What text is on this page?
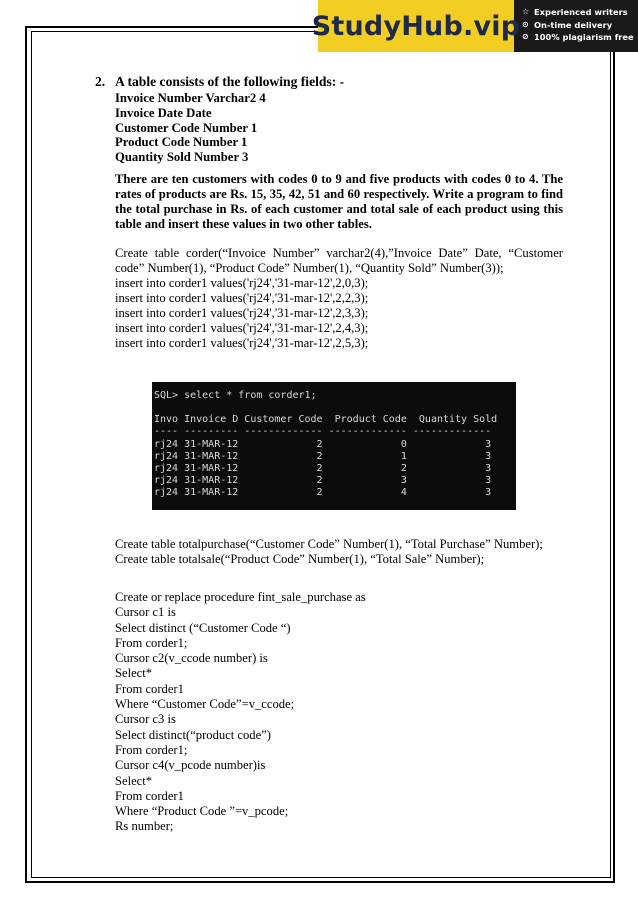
StudyHub.vip ☆ Experienced writers
⊙ On-time delivery
⊘ 100% plagiarism free

2. A table consists of the following fields: -

Invoice Number Varchar2 4
Invoice Date Date
Customer Code Number 1
Product Code Number 1
Quantity Sold Number 3
There are ten customers with codes 0 to 9 and five products with codes 0 to 4. The rates of products are Rs. 15, 35, 42, 51 and 60 respectively. Write a program to find the total purchase in Rs. of each customer and total sale of each product using this table and insert these values in two other tables.
Create table corder(“Invoice Number” varchar2(4),”Invoice Date” Date, “Customer code” Number(1), “Product Code” Number(1), “Quantity Sold” Number(3));
insert into corder1 values('rj24','31-mar-12',2,0,3);
insert into corder1 values('rj24','31-mar-12',2,2,3);
insert into corder1 values('rj24','31-mar-12',2,3,3);
insert into corder1 values('rj24','31-mar-12',2,4,3);
insert into corder1 values('rj24','31-mar-12',2,5,3);
SQL> select * from corder1;
Invo Invoice D Customer Code  Product Code  Quantity Sold
---- --------- ------------- ------------- -------------
rj24 31-MAR-12             2             0             3
rj24 31-MAR-12             2             1             3
rj24 31-MAR-12             2             2             3
rj24 31-MAR-12             2             3             3
rj24 31-MAR-12             2             4             3
Create table totalpurchase(“Customer Code” Number(1), “Total Purchase” Number);
Create table totalsale(“Product Code” Number(1), “Total Sale” Number);
Create or replace procedure fint_sale_purchase as
Cursor c1 is
Select distinct (“Customer Code “)
From corder1;
Cursor c2(v_ccode number) is
Select*
From corder1
Where “Customer Code”=v_ccode;
Cursor c3 is
Select distinct(“product code”)
From corder1;
Cursor c4(v_pcode number)is
Select*
From corder1
Where “Product Code ”=v_pcode;
Rs number;
